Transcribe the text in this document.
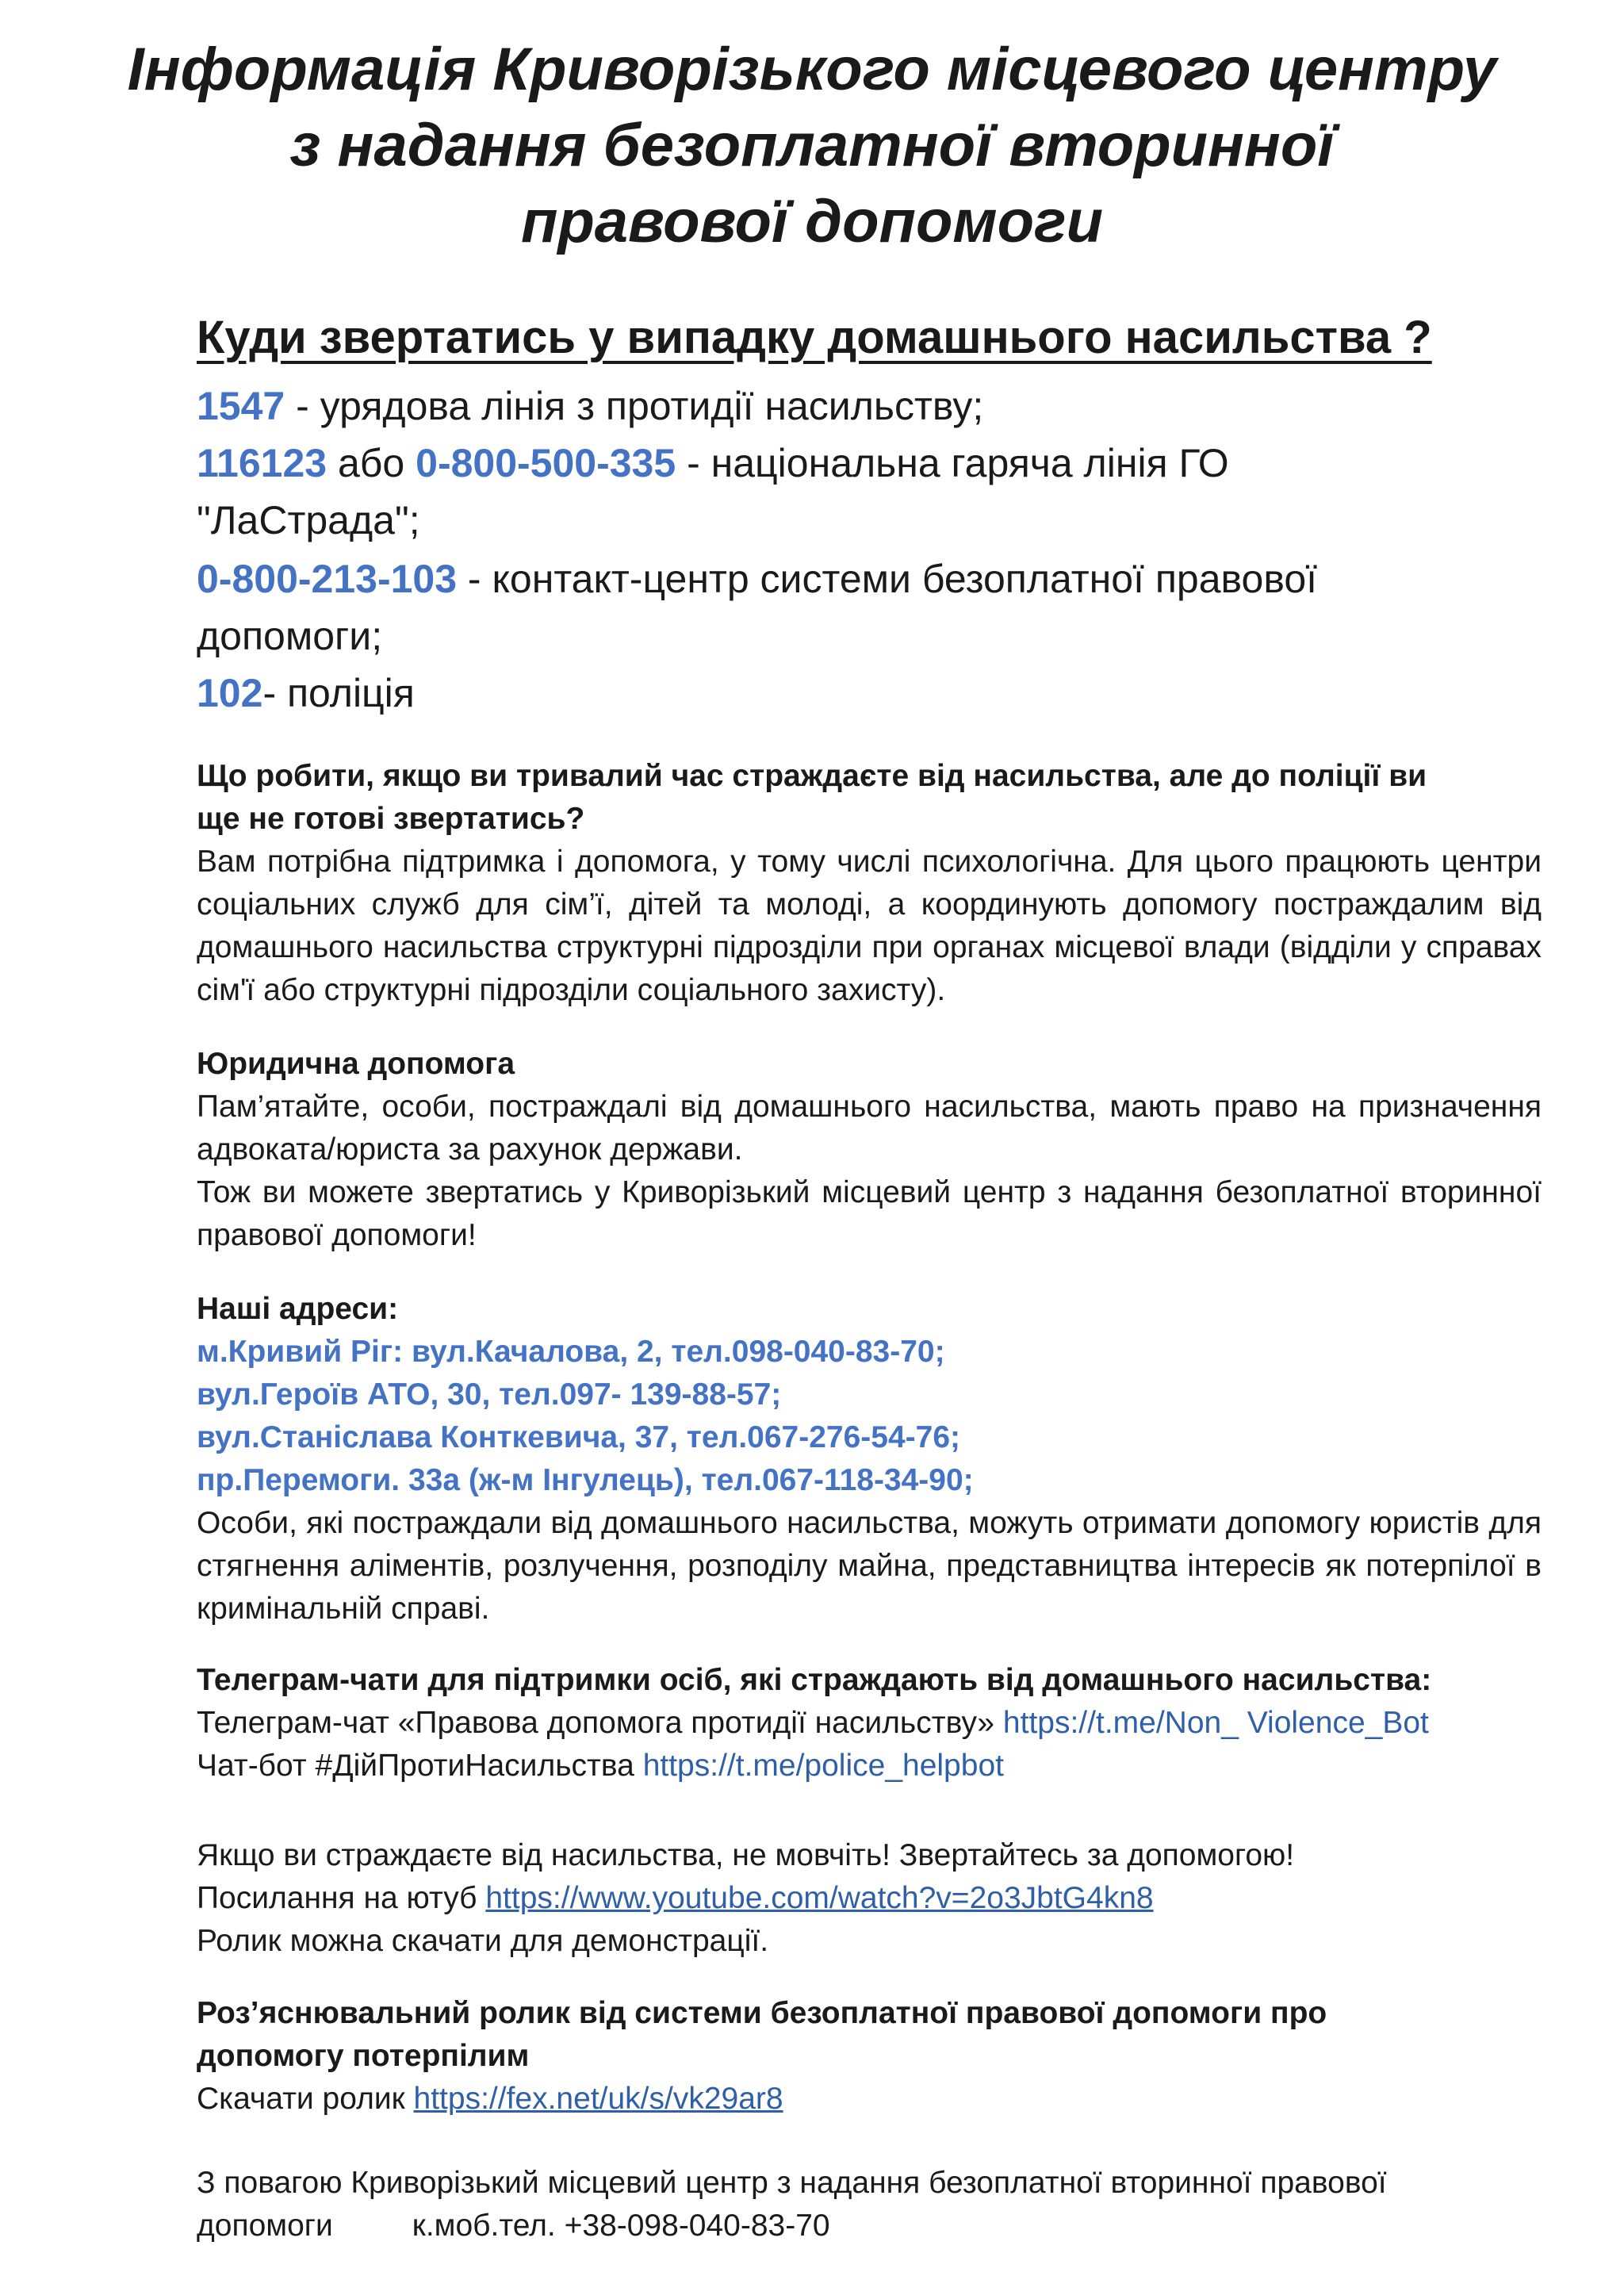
Інформація Криворізького місцевого центру
з надання безоплатної вторинної
правової допомоги
Куди звертатись у випадку домашнього насильства ?
1547 - урядова лінія з протидії насильству;
116123 або 0-800-500-335 - національна гаряча лінія ГО
"ЛаСтрада";
0-800-213-103 - контакт-центр системи безоплатної правової
допомоги;
102- поліція
Що робити, якщо ви тривалий час страждаєте від насильства, але до поліції ви
ще не готові звертатись?
Вам потрібна підтримка і допомога, у тому числі психологічна. Для цього працюють центри соціальних служб для сім’ї, дітей та молоді, а координують допомогу постраждалим від домашнього насильства структурні підрозділи при органах місцевої влади (відділи у справах сім'ї або структурні підрозділи соціального захисту).
Юридична допомога
Пам’ятайте, особи, постраждалі від домашнього насильства, мають право на призначення адвоката/юриста за рахунок держави.
Тож ви можете звертатись у Криворізький місцевий центр з надання безоплатної вторинної правової допомоги!
Наші адреси:
м.Кривий Ріг: вул.Качалова, 2, тел.098-040-83-70;
вул.Героїв АТО, 30, тел.097- 139-88-57;
вул.Станіслава Конткевича, 37, тел.067-276-54-76;
пр.Перемоги. 33а (ж-м Інгулець), тел.067-118-34-90;
Особи, які постраждали від домашнього насильства, можуть отримати допомогу юристів для стягнення аліментів, розлучення, розподілу майна, представництва інтересів як потерпілої в кримінальній справі.
Телеграм-чати для підтримки осіб, які страждають від домашнього насильства:
Телеграм-чат «Правова допомога протидії насильству» https://t.me/Non_ Violence_Bot
Чат-бот #ДійПротиНасильства https://t.me/police_helpbot
Якщо ви страждаєте від насильства, не мовчіть! Звертайтесь за допомогою!
Посилання на ютуб https://www.youtube.com/watch?v=2o3JbtG4kn8
Ролик можна скачати для демонстрації.
Роз’яснювальний ролик від системи безоплатної правової допомоги про
допомогу потерпілим
Скачати ролик https://fex.net/uk/s/vk29ar8
З повагою Криворізький місцевий центр з надання безоплатної вторинної правової
допомоги	к.моб.тел. +38-098-040-83-70
